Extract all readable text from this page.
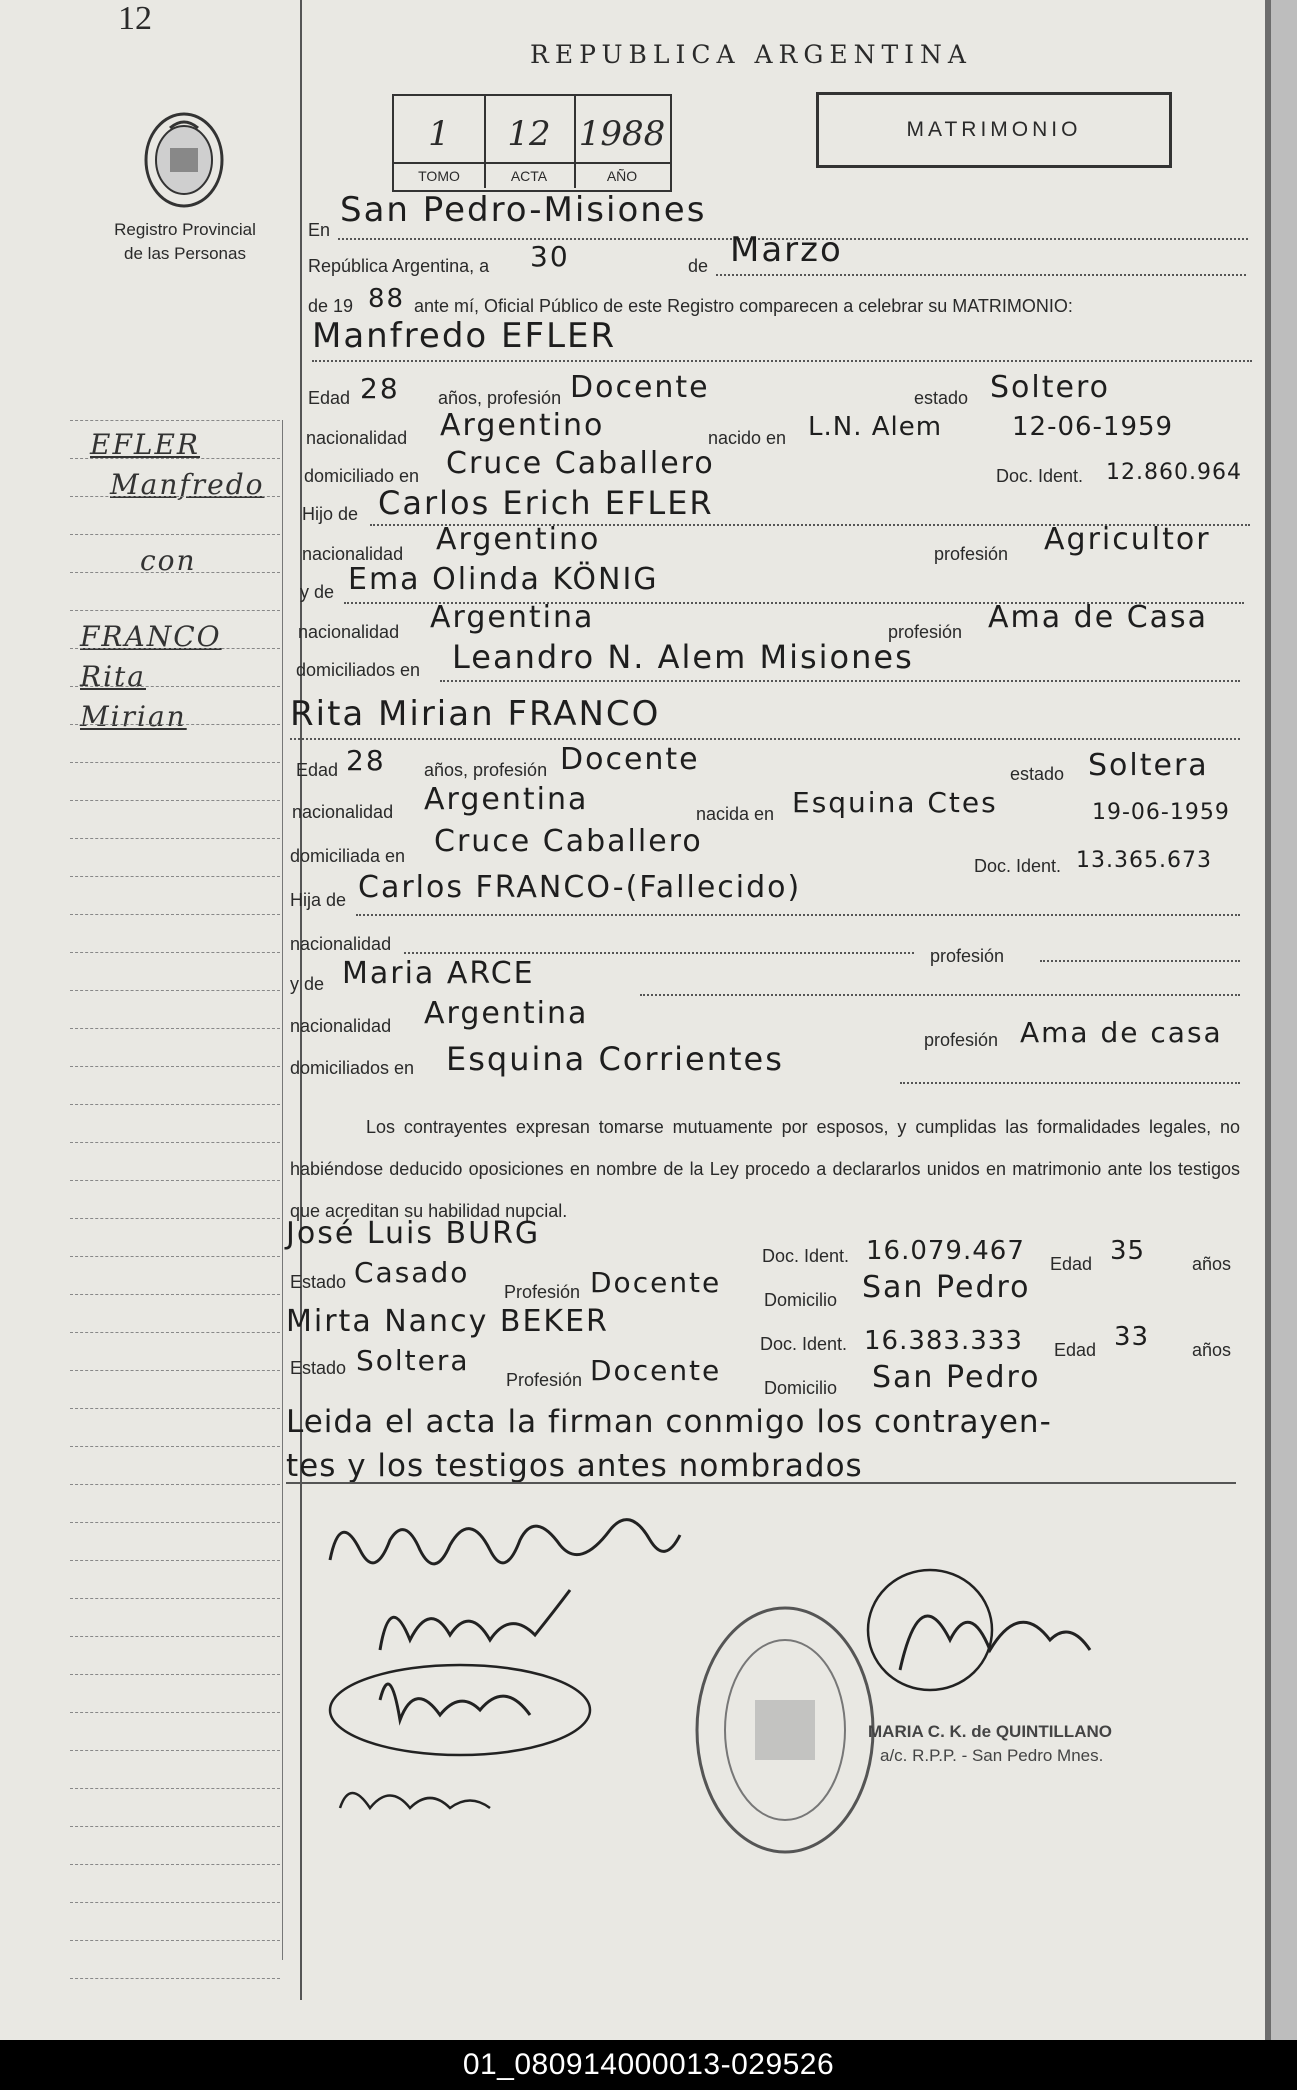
12
Registro Provincial
de las Personas
EFLER
Manfredo
con
FRANCO
Rita
Mirian
REPUBLICA ARGENTINA
1
TOMO
12
ACTA
1988
AÑO
MATRIMONIO
En San Pedro-Misiones
República Argentina, a 30	de Marzo
de 19 88 ante mí, Oficial Público de este Registro comparecen a celebrar su MATRIMONIO:
Manfredo EFLER
Edad 28 años, profesión Docente	estado Soltero
nacionalidad Argentino	nacido en L.N. Alem	12-06-1959
domiciliado en Cruce Caballero	Doc. Ident. 12.860.964
Hijo de Carlos Erich EFLER
nacionalidad Argentino	profesión Agricultor
y de Ema Olinda KÖNIG
nacionalidad Argentina	profesión Ama de Casa
domiciliados en Leandro N. Alem Misiones
Rita Mirian FRANCO
Edad 28 años, profesión Docente	estado Soltera
nacionalidad Argentina	nacida en Esquina Ctes	19-06-1959
domiciliada en Cruce Caballero
Doc. Ident. 13.365.673
Hija de Carlos FRANCO-(Fallecido)
nacionalidad
profesión
y de Maria ARCE
nacionalidad Argentina
profesión Ama de casa
domiciliados en Esquina Corrientes
Los contrayentes expresan tomarse mutuamente por esposos, y cumplidas las formalidades legales, no habiéndose deducido oposiciones en nombre de la Ley procedo a declararlos unidos en matrimonio ante los testigos que acreditan su habilidad nupcial.
José Luis BURG
Doc. Ident. 16.079.467 Edad 35	años
Estado Casado
Profesión Docente
Domicilio San Pedro
Mirta Nancy BEKER
Doc. Ident. 16.383.333 Edad 33 años
Estado Soltera
Profesión Docente
Domicilio San Pedro
Leida el acta la firman conmigo los contrayen-
tes y los testigos antes nombrados
MARIA C. K. de QUINTILLANO
a/c. R.P.P. - San Pedro Mnes.
01_080914000013-029526
